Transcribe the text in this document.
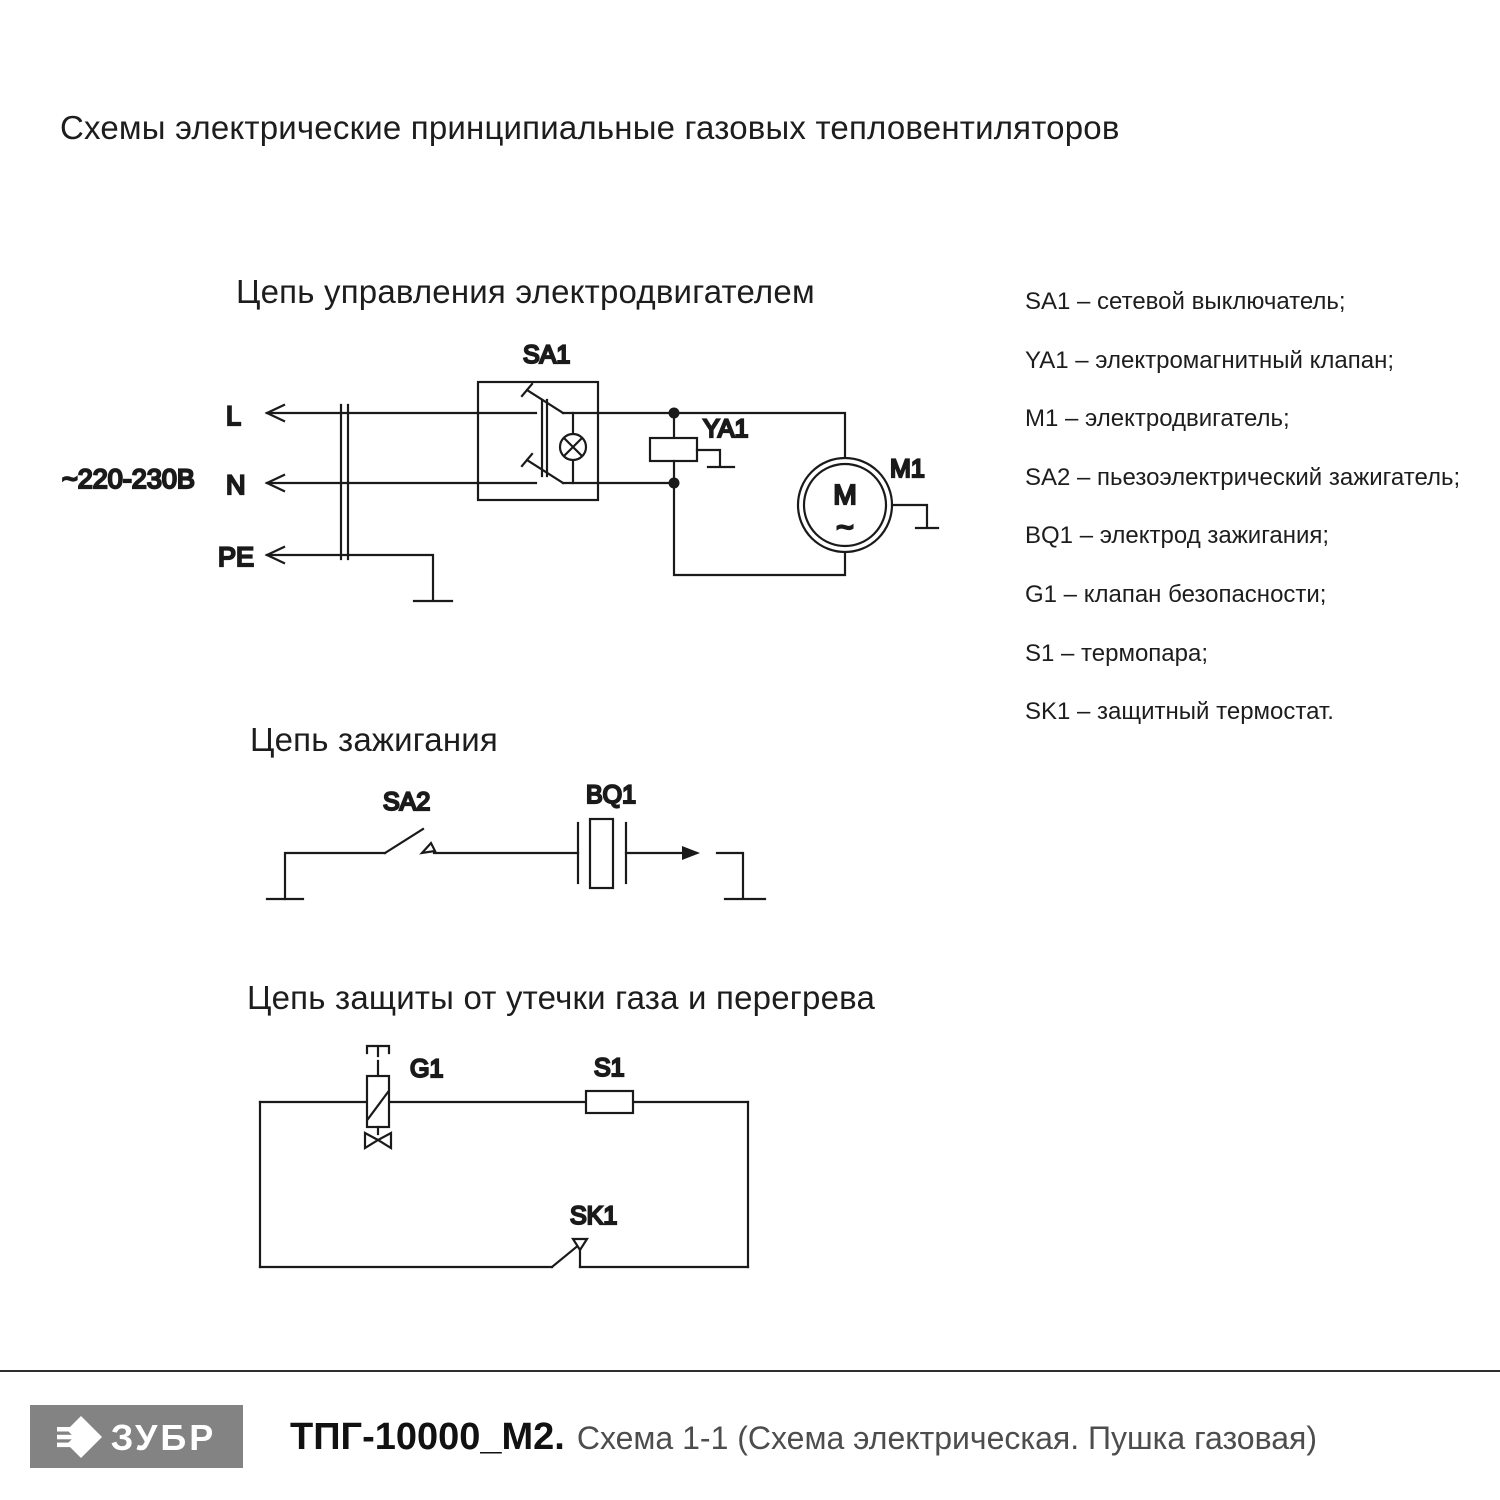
Схемы электрические принципиальные газовых тепловентиляторов
Цепь управления электродвигателем
Цепь зажигания
Цепь защиты от утечки газа и перегрева
SA1 – сетевой выключатель;
YA1 – электромагнитный клапан;
M1 – электродвигатель;
SA2 – пьезоэлектрический зажигатель;
BQ1 – электрод зажигания;
G1 – клапан безопасности;
S1 – термопара;
SK1 – защитный термостат.
~220-230В
L
N
PE
SA1
YA1
M
~
M1
SA2	BQ1
G1	S1
SK1
ЗУБР ТПГ-10000_М2. Схема 1-1 (Схема электрическая. Пушка газовая)
